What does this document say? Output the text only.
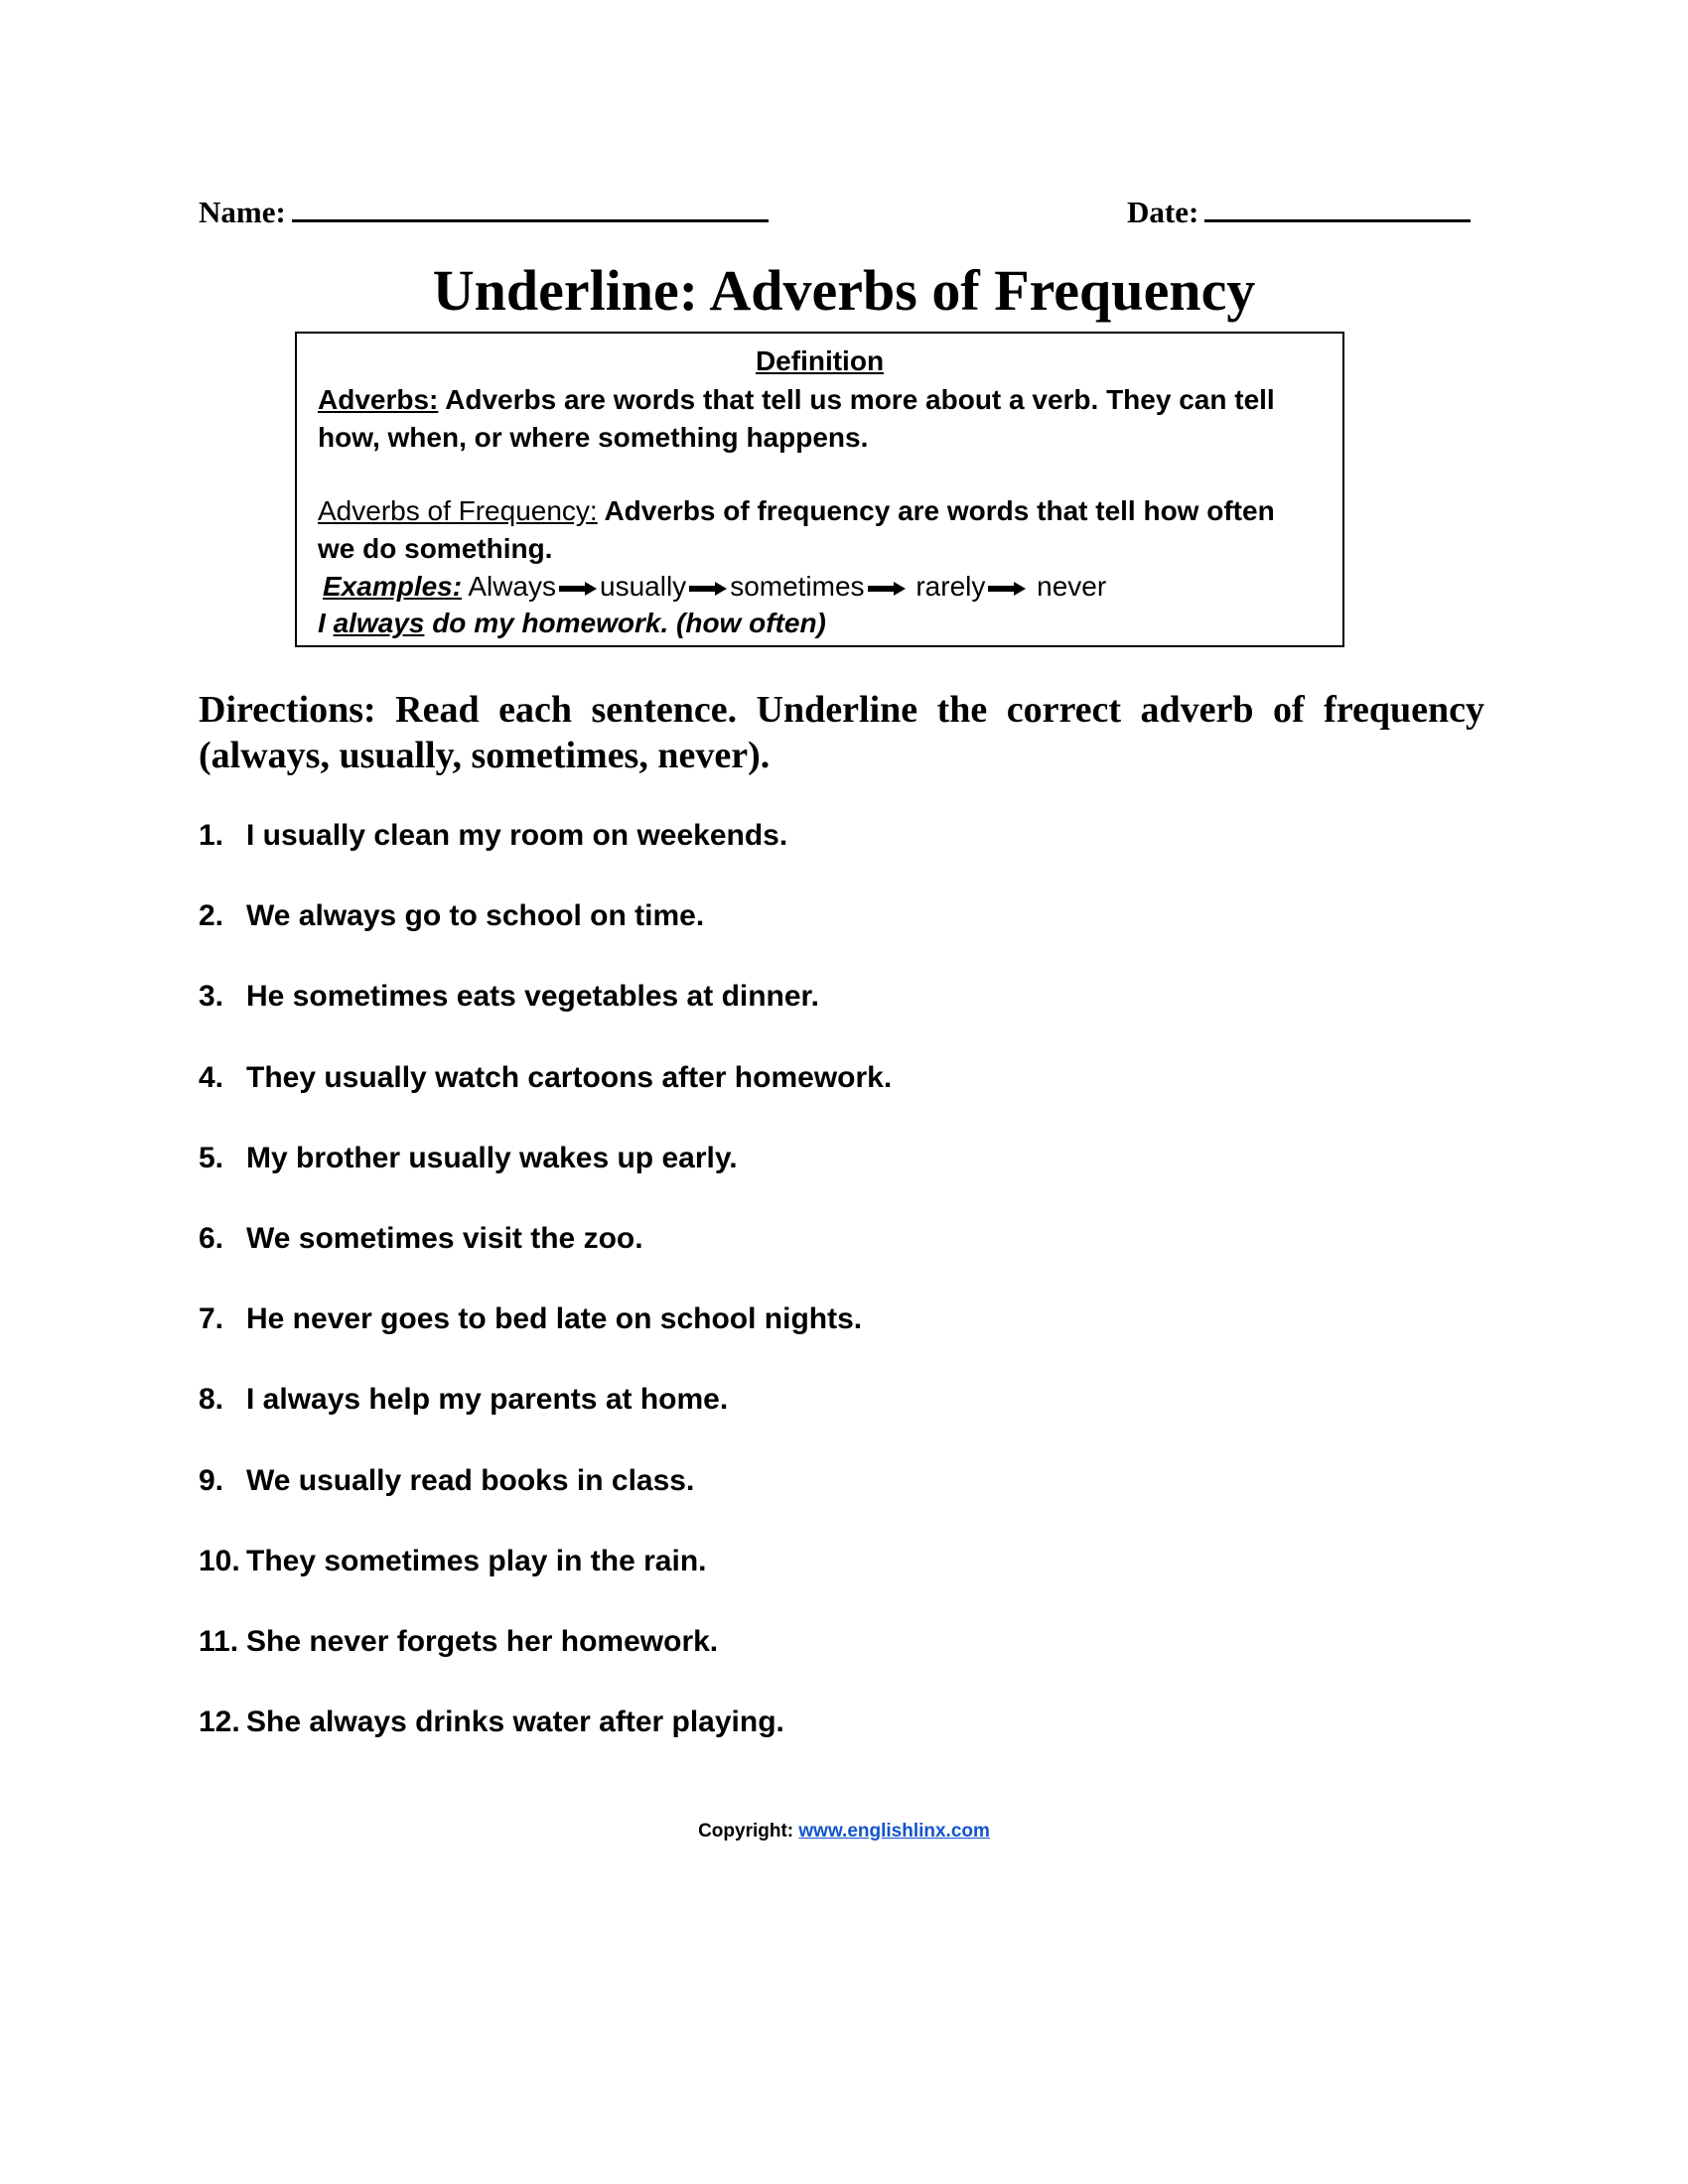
Name:	Date:
Underline: Adverbs of Frequency
Definition
Adverbs: Adverbs are words that tell us more about a verb. They can tell how, when, or where something happens.
Adverbs of Frequency: Adverbs of frequency are words that tell how often we do something.
Examples: Always usually sometimes rarely never
I always do my homework. (how often)
Directions: Read each sentence. Underline the correct adverb of frequency (always, usually, sometimes, never).
1. I usually clean my room on weekends.
2. We always go to school on time.
3. He sometimes eats vegetables at dinner.
4. They usually watch cartoons after homework.
5. My brother usually wakes up early.
6. We sometimes visit the zoo.
7. He never goes to bed late on school nights.
8. I always help my parents at home.
9. We usually read books in class.
10. They sometimes play in the rain.
11. She never forgets her homework.
12. She always drinks water after playing.
Copyright: www.englishlinx.com
